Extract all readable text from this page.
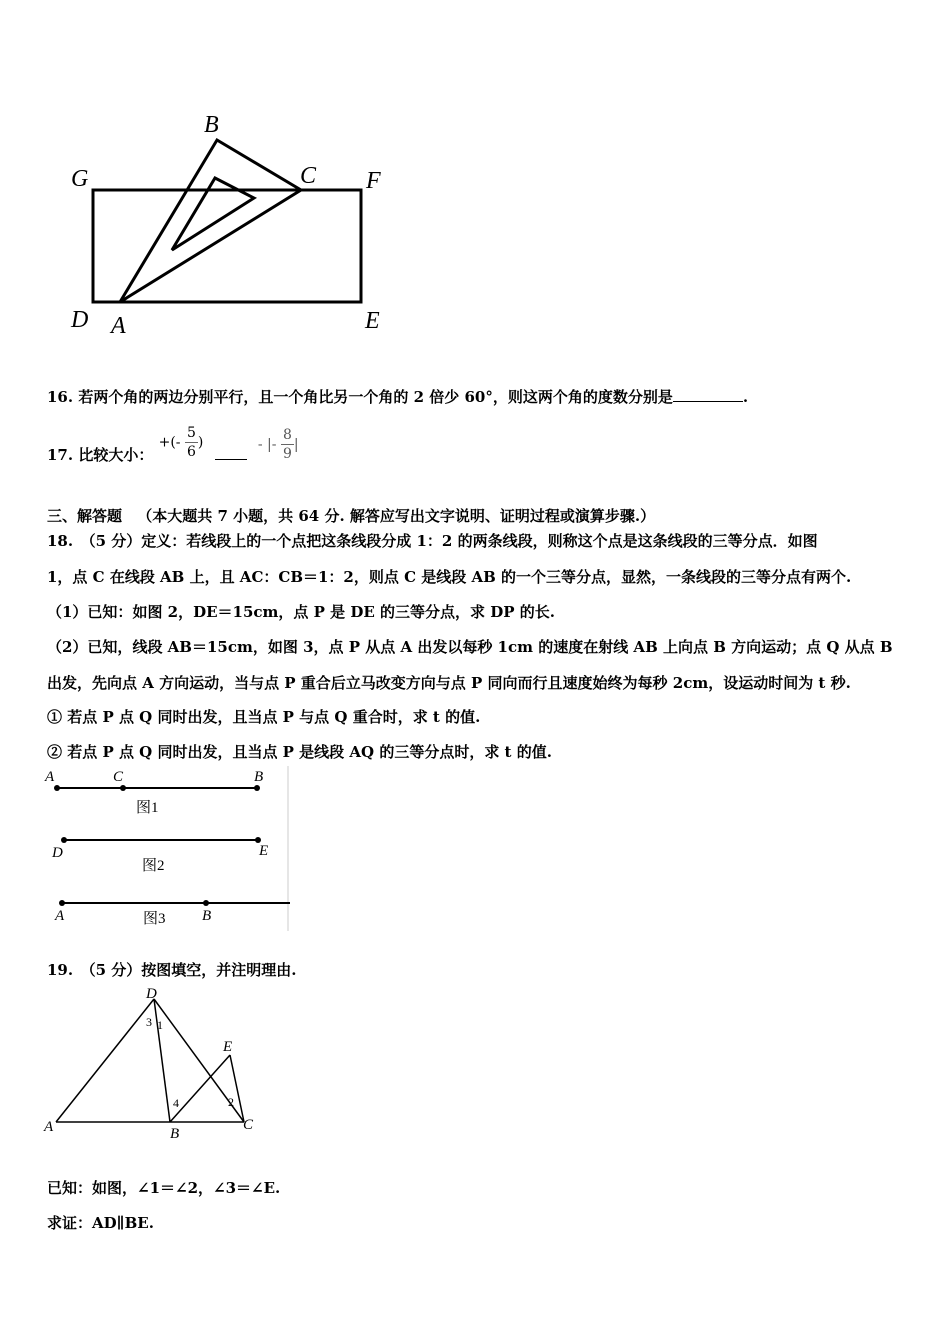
B
C
G	F
D A	E
16. 若两个角的两边分别平行，且一个角比另一个角的 2 倍少 60°，则这两个角的度数分别是	.
17. 比较大小： +(- $\frac{5}{6}$ )	- |- $\frac{8}{9}$ |
三、解答题 （本大题共 7 小题，共 64 分. 解答应写出文字说明、证明过程或演算步骤.）
18.　（5 分）定义：若线段上的一个点把这条线段分成 1：2 的两条线段，则称这个点是这条线段的三等分点．如图
1，点 C 在线段 AB 上，且 AC：CB＝1：2，则点 C 是线段 AB 的一个三等分点，显然，一条线段的三等分点有两个.
（1）已知：如图 2，DE＝15cm，点 P 是 DE 的三等分点，求 DP 的长.
（2）已知，线段 AB＝15cm，如图 3，点 P 从点 A 出发以每秒 1cm 的速度在射线 AB 上向点 B 方向运动；点 Q 从点 B
出发，先向点 A 方向运动，当与点 P 重合后立马改变方向与点 P 同向而行且速度始终为每秒 2cm，设运动时间为 t 秒.
① 若点 P 点 Q 同时出发，且当点 P 与点 Q 重合时，求 t 的值.
② 若点 P 点 Q 同时出发，且当点 P 是线段 AQ 的三等分点时，求 t 的值.
A	C	B
图1
D	E
图2
A	B
图3
19.　（5 分）按图填空，并注明理由.
D
E
A	B
C
3 1
4	2
已知：如图，∠1＝∠2，∠3＝∠E.
求证：AD∥BE.
